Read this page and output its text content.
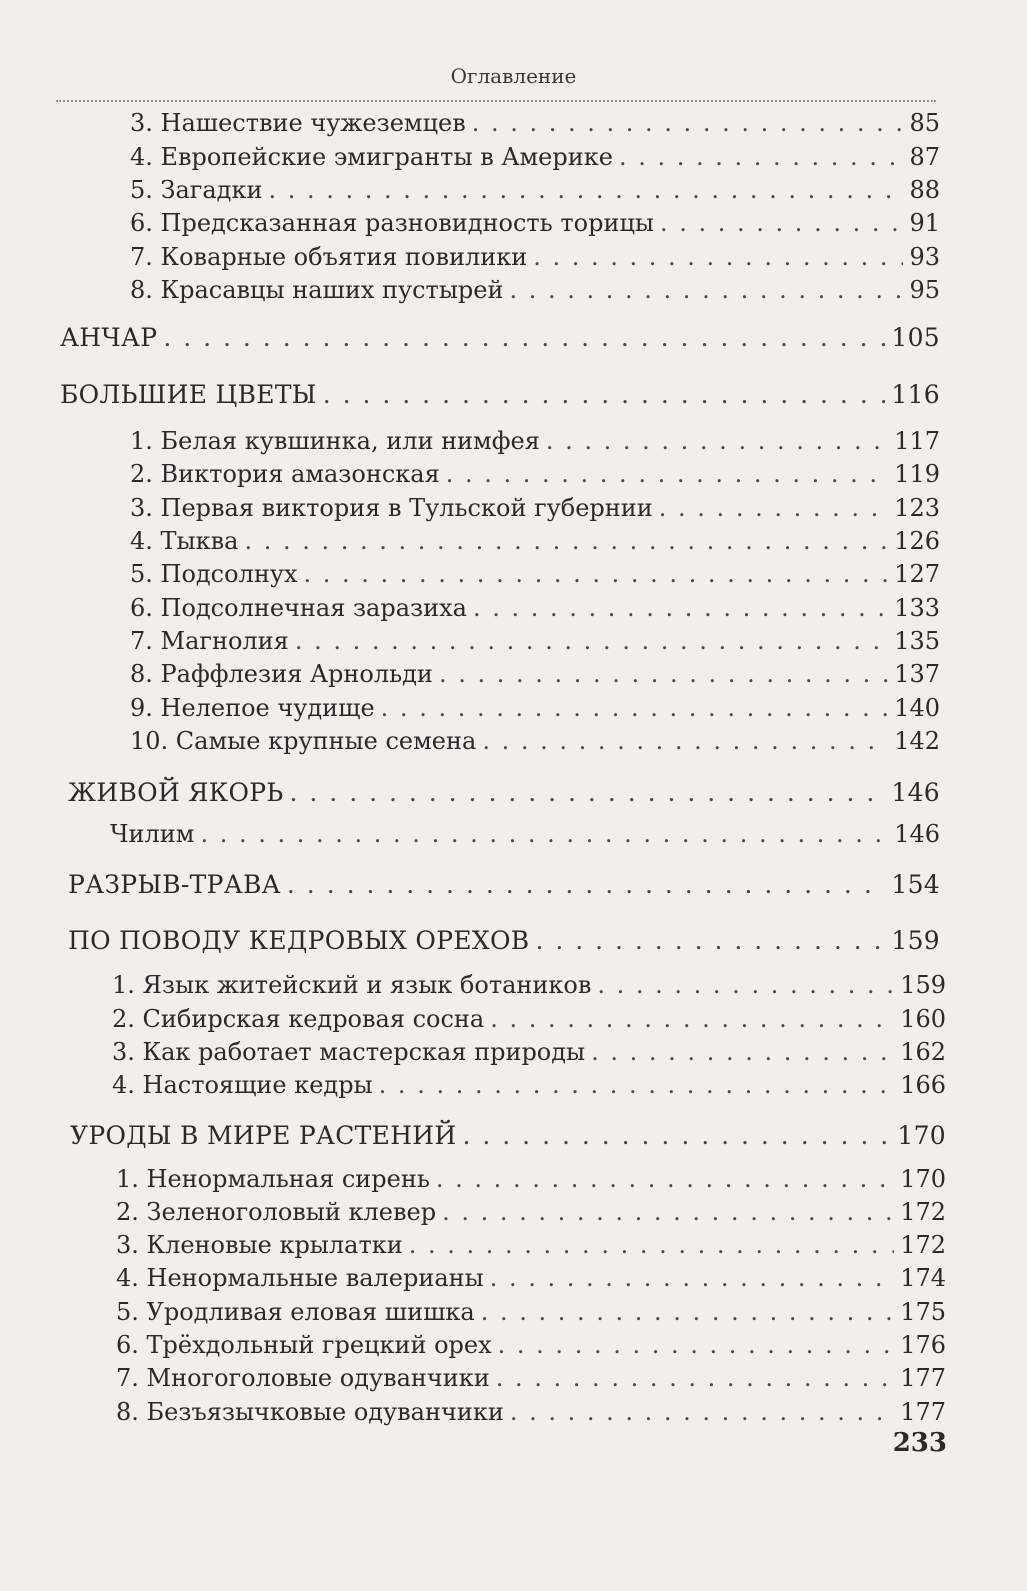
Оглавление
3. Нашествие чужеземцев . . .	85
4. Европейские эмигранты в Америке . . .	87
5. Загадки . . .	88
6. Предсказанная разновидность торицы . . .	91
7. Коварные объятия повилики . . .	93
8. Красавцы наших пустырей . . .	95
АНЧАР . . .	105
БОЛЬШИЕ ЦВЕТЫ . . .	116
1. Белая кувшинка, или нимфея . . .	117
2. Виктория амазонская . . .	119
3. Первая виктория в Тульской губернии . . .	123
4. Тыква . . .	126
5. Подсолнух . . .	127
6. Подсолнечная заразиха . . .	133
7. Магнолия . . .	135
8. Раффлезия Арнольди . . .	137
9. Нелепое чудище . . .	140
10. Самые крупные семена . . .	142
ЖИВОЙ ЯКОРЬ . . .	146
Чилим . . .	146
РАЗРЫВ-ТРАВА . . .	154
ПО ПОВОДУ КЕДРОВЫХ ОРЕХОВ . . .	159
1. Язык житейский и язык ботаников . . .	159
2. Сибирская кедровая сосна . . .	160
3. Как работает мастерская природы . . .	162
4. Настоящие кедры . . .	166
УРОДЫ В МИРЕ РАСТЕНИЙ . . .	170
1. Ненормальная сирень . . .	170
2. Зеленоголовый клевер . . .	172
3. Кленовые крылатки . . .	172
4. Ненормальные валерианы . . .	174
5. Уродливая еловая шишка . . .	175
6. Трёхдольный грецкий орех . . .	176
7. Многоголовые одуванчики . . .	177
8. Безъязычковые одуванчики . . .	177
233
